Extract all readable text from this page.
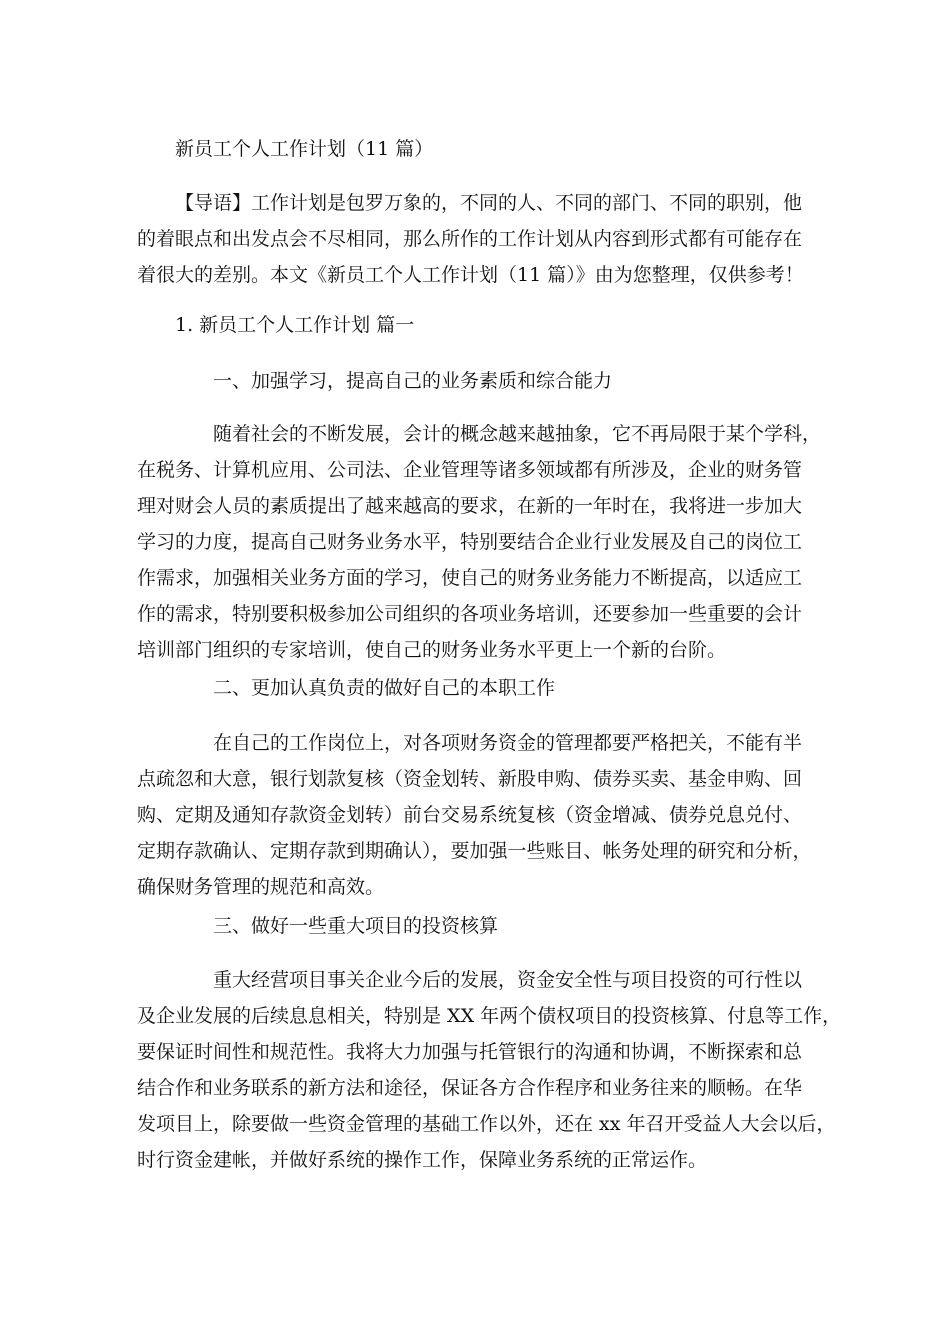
新员工个人工作计划（11 篇）

【导语】工作计划是包罗万象的，不同的人、不同的部门、不同的职别，他
的着眼点和出发点会不尽相同，那么所作的工作计划从内容到形式都有可能存在
着很大的差别。本文《新员工个人工作计划（11 篇）》由为您整理，仅供参考！

1. 新员工个人工作计划 篇一

一、加强学习，提高自己的业务素质和综合能力

随着社会的不断发展，会计的概念越来越抽象，它不再局限于某个学科，
在税务、计算机应用、公司法、企业管理等诸多领域都有所涉及，企业的财务管
理对财会人员的素质提出了越来越高的要求，在新的一年时在，我将进一步加大
学习的力度，提高自己财务业务水平，特别要结合企业行业发展及自己的岗位工
作需求，加强相关业务方面的学习，使自己的财务业务能力不断提高，以适应工
作的需求，特别要积极参加公司组织的各项业务培训，还要参加一些重要的会计
培训部门组织的专家培训，使自己的财务业务水平更上一个新的台阶。

二、更加认真负责的做好自己的本职工作

在自己的工作岗位上，对各项财务资金的管理都要严格把关，不能有半
点疏忽和大意，银行划款复核（资金划转、新股申购、债券买卖、基金申购、回
购、定期及通知存款资金划转）前台交易系统复核（资金增减、债券兑息兑付、
定期存款确认、定期存款到期确认），要加强一些账目、帐务处理的研究和分析，
确保财务管理的规范和高效。

三、做好一些重大项目的投资核算

重大经营项目事关企业今后的发展，资金安全性与项目投资的可行性以
及企业发展的后续息息相关，特别是 XX 年两个债权项目的投资核算、付息等工作，
要保证时间性和规范性。我将大力加强与托管银行的沟通和协调，不断探索和总
结合作和业务联系的新方法和途径，保证各方合作程序和业务往来的顺畅。在华
发项目上，除要做一些资金管理的基础工作以外，还在 xx 年召开受益人大会以后，
时行资金建帐，并做好系统的操作工作，保障业务系统的正常运作。
